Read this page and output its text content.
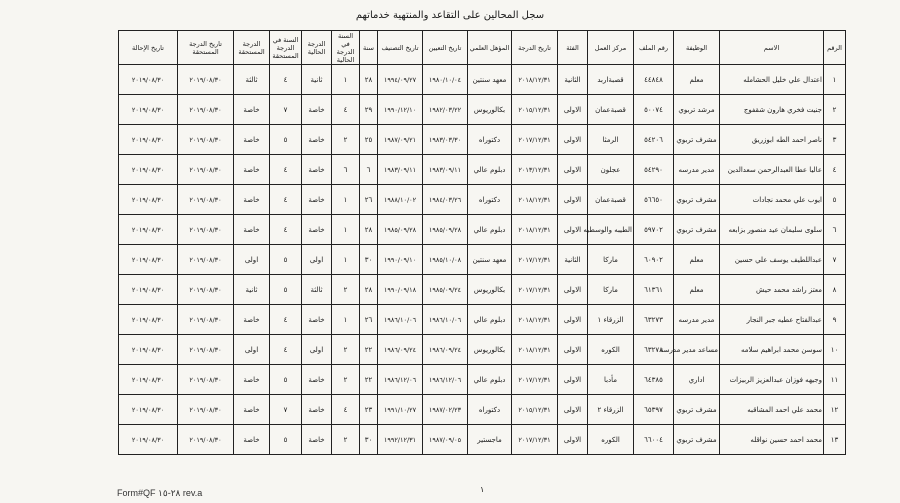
سجل المحالين على التقاعد والمنتهية خدماتهم
الرقم	الاسم	الوظيفة	رقم الملف	مركز العمل	الفئة	تاريخ الدرجة	المؤهل العلمي	تاريخ التعيين	تاريخ التصنيف	سنة	السنة في الدرجة الحالية	الدرجة الحالية	السنة في الدرجة المستحقة	الدرجة المستحقة	تاريخ الدرجة المستحقة	تاريخ الإحالة
١	اعتدال علي خليل الحشامله	معلم	٤٤٨٤٨	قصبةاربد	الثانية	٢٠١٨/١٢/٣١	معهد سنتين	١٩٨٠/١٠/٠٤	١٩٩٤/٠٩/٢٧	٢٨	١	ثانية	٤	ثالثة	٢٠١٩/٠٨/٣٠	٢٠١٩/٠٨/٣٠
٢	جنيت فخري هارون شقفوج	مرشد تربوي	٥٠٠٧٤	قصبةعمان	الاولى	٢٠١٥/١٢/٣١	بكالوريوس	١٩٨٢/٠٣/٢٢	١٩٩٠/١٢/١٠	٢٩	٤	خاصة	٧	خاصة	٢٠١٩/٠٨/٣٠	٢٠١٩/٠٨/٣٠
٣	ناصر احمد الطه ابوزريق	مشرف تربوي	٥٤٢٠٦	الرمثا	الاولى	٢٠١٧/١٢/٣١	دكتوراه	١٩٨٣/٠٣/٣٠	١٩٨٧/٠٩/٢١	٢٥	٢	خاصة	٥	خاصة	٢٠١٩/٠٨/٣٠	٢٠١٩/٠٨/٣٠
٤	عاليا عطا العبدالرحمن سعدالدين	مدير مدرسه	٥٤٢٩٠	عجلون	الاولى	٢٠١٣/١٢/٣١	دبلوم عالي	١٩٨٣/٠٩/١١	١٩٨٣/٠٩/١١	٦	٦	خاصة	٤	خاصة	٢٠١٩/٠٨/٣٠	٢٠١٩/٠٨/٣٠
٥	ايوب علي محمد نجادات	مشرف تربوي	٥٦٦٥٠	قصبةعمان	الاولى	٢٠١٨/١٢/٣١	دكتوراه	١٩٨٤/٠٣/٢٦	١٩٨٨/١٠/٠٢	٢٦	١	خاصة	٤	خاصة	٢٠١٩/٠٨/٣٠	٢٠١٩/٠٨/٣٠
٦	سلوى سليمان عيد منصور بزابعه	مشرف تربوي	٥٩٧٠٢	الطيبه والوسطيه	الاولى	٢٠١٨/١٢/٣١	دبلوم عالي	١٩٨٥/٠٩/٢٨	١٩٨٥/٠٩/٢٨	٢٨	١	خاصة	٤	خاصة	٢٠١٩/٠٨/٣٠	٢٠١٩/٠٨/٣٠
٧	عبداللطيف يوسف علي حسين	معلم	٦٠٩٠٢	ماركا	الثانية	٢٠١٧/١٢/٣١	معهد سنتين	١٩٨٥/١٠/٠٨	١٩٩٠/٠٩/١٠	٣٠	١	اولى	٥	اولى	٢٠١٩/٠٨/٣٠	٢٠١٩/٠٨/٣٠
٨	معتز راشد محمد حيش	معلم	٦١٣٦١	ماركا	الاولى	٢٠١٧/١٢/٣١	بكالوريوس	١٩٨٥/٠٩/٢٤	١٩٩٠/٠٩/١٨	٢٨	٢	ثالثة	٥	ثانية	٢٠١٩/٠٨/٣٠	٢٠١٩/٠٨/٣٠
٩	عبدالفتاح عطيه جبر النجار	مدير مدرسه	٦٣٢٧٣	الزرقاء ١	الاولى	٢٠١٨/١٢/٣١	دبلوم عالي	١٩٨٦/١٠/٠٦	١٩٨٦/١٠/٠٦	٢٦	١	خاصة	٤	خاصة	٢٠١٩/٠٨/٣٠	٢٠١٩/٠٨/٣٠
١٠	سوسن محمد ابراهيم سلامه	مساعد مدير مدرسة	٦٣٢٧٨	الكوره	الاولى	٢٠١٨/١٢/٣١	بكالوريوس	١٩٨٦/٠٩/٢٤	١٩٨٦/٠٩/٢٤	٢٢	٢	اولى	٤	اولى	٢٠١٩/٠٨/٣٠	٢٠١٩/٠٨/٣٠
١١	وجيهه فوزان عبدالعزيز الربيزات	اداري	٦٤٣٨٥	مأدبا	الاولى	٢٠١٧/١٢/٣١	دبلوم عالي	١٩٨٦/١٢/٠٦	١٩٨٦/١٢/٠٦	٢٢	٢	خاصة	٥	خاصة	٢٠١٩/٠٨/٣٠	٢٠١٩/٠٨/٣٠
١٢	محمد علي احمد المشاقبه	مشرف تربوي	٦٥٣٩٧	الزرقاء ٢	الاولى	٢٠١٥/١٢/٣١	دكتوراه	١٩٨٧/٠٢/٢٣	١٩٩١/١٠/٢٧	٢٣	٤	خاصة	٧	خاصة	٢٠١٩/٠٨/٣٠	٢٠١٩/٠٨/٣٠
١٣	محمد احمد حسين نواقله	مشرف تربوي	٦٦٠٠٤	الكوره	الاولى	٢٠١٧/١٢/٣١	ماجستير	١٩٨٧/٠٩/٠٥	١٩٩٢/١٢/٣١	٣٠	٢	خاصة	٥	خاصة	٢٠١٩/٠٨/٣٠	٢٠١٩/٠٨/٣٠
١
Form#QF ٢٨-١٥ rev.a
